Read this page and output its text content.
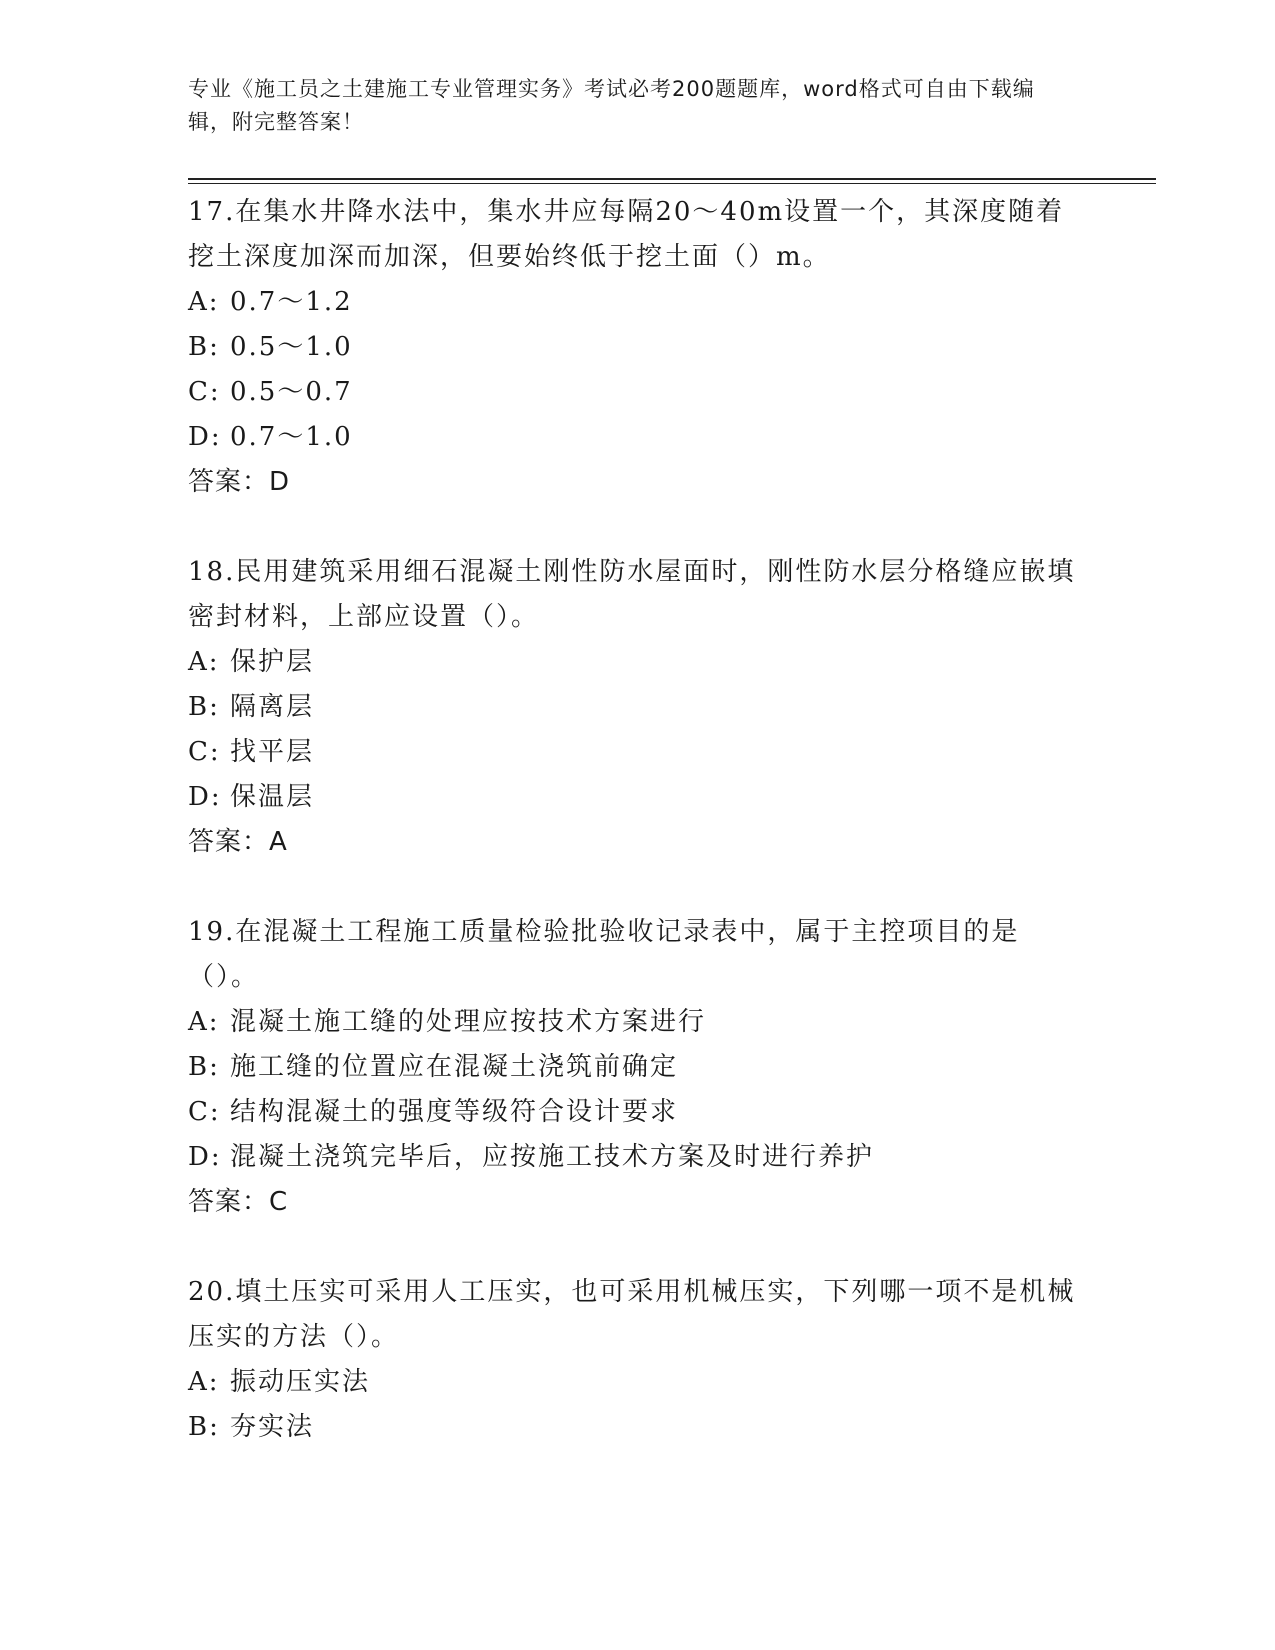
专业《施工员之土建施工专业管理实务》考试必考200题题库，word格式可自由下载编辑，附完整答案！
17.在集水井降水法中，集水井应每隔20～40m设置一个，其深度随着挖土深度加深而加深，但要始终低于挖土面（）m。
A: 0.7～1.2
B: 0.5～1.0
C: 0.5～0.7
D: 0.7～1.0
答案：D
18.民用建筑采用细石混凝土刚性防水屋面时，刚性防水层分格缝应嵌填密封材料，上部应设置（）。
A: 保护层
B: 隔离层
C: 找平层
D: 保温层
答案：A
19.在混凝土工程施工质量检验批验收记录表中，属于主控项目的是（）。
A: 混凝土施工缝的处理应按技术方案进行
B: 施工缝的位置应在混凝土浇筑前确定
C: 结构混凝土的强度等级符合设计要求
D: 混凝土浇筑完毕后，应按施工技术方案及时进行养护
答案：C
20.填土压实可采用人工压实，也可采用机械压实，下列哪一项不是机械压实的方法（）。
A: 振动压实法
B: 夯实法
